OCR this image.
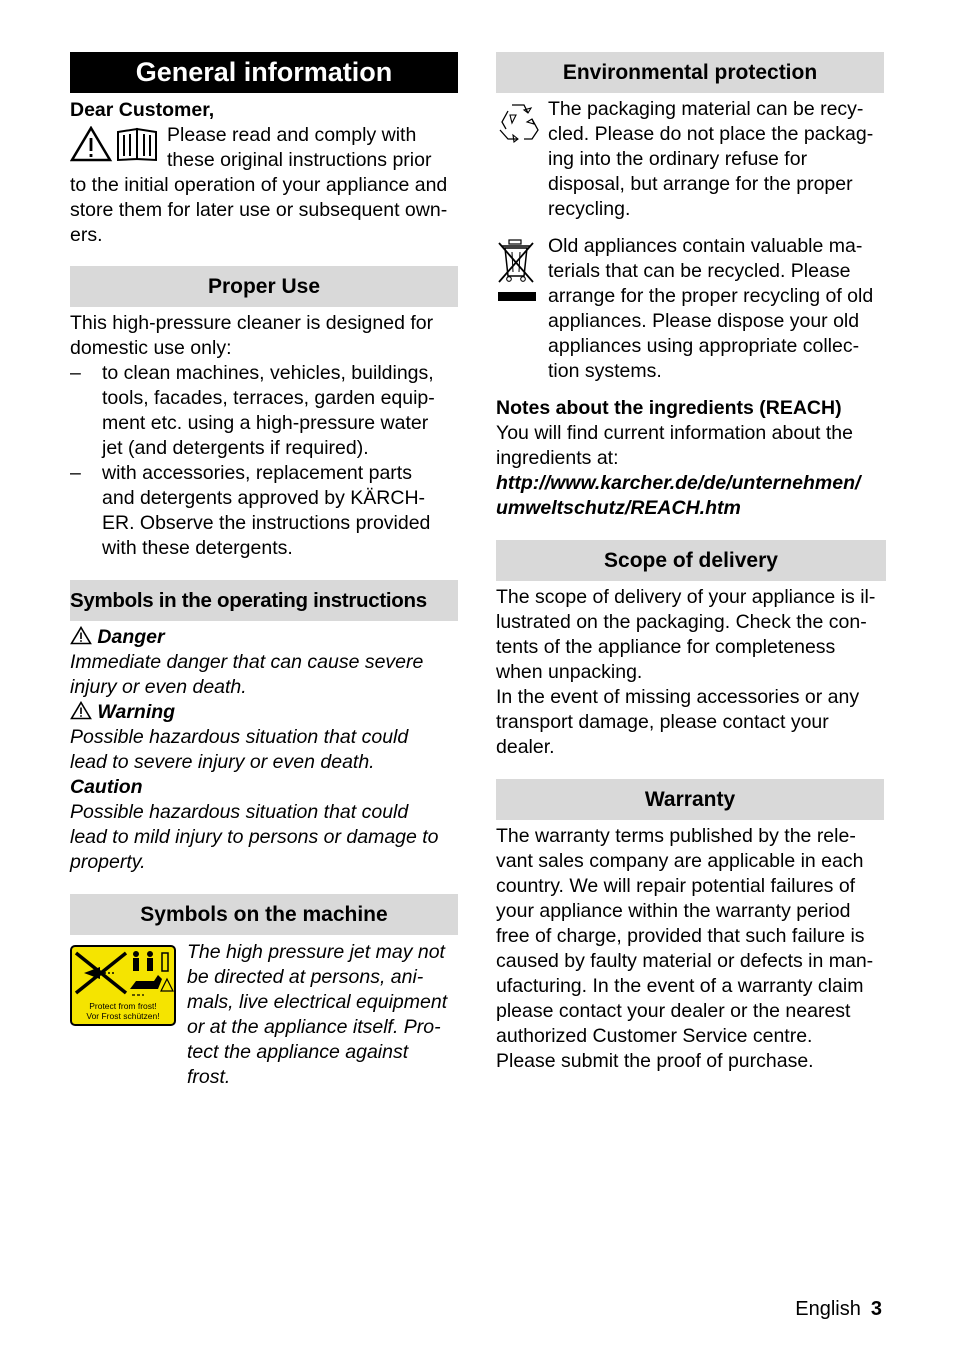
General information

Dear Customer,

Please read and comply with

these original instructions prior

to the initial operation of your appliance and

store them for later use or subsequent own-

ers.

Proper Use

This high-pressure cleaner is designed for

domestic use only:

– to clean machines, vehicles, buildings,
tools, facades, terraces, garden equip-
ment etc. using a high-pressure water
jet (and detergents if required).
– with accessories, replacement parts
and detergents approved by KÄRCH-
ER. Observe the instructions provided
with these detergents.
Symbols in the operating instructions

Danger

Immediate danger that can cause severe

injury or even death.

Warning

Possible hazardous situation that could

lead to severe injury or even death.

Caution

Possible hazardous situation that could

lead to mild injury to persons or damage to

property.

Symbols on the machine
Protect from frost!
Vor Frost schützen!

The high pressure jet may not

be directed at persons, ani-

mals, live electrical equipment

or at the appliance itself. Pro-

tect the appliance against

frost.

Environmental protection

The packaging material can be recy-

cled. Please do not place the packag-

ing into the ordinary refuse for

disposal, but arrange for the proper

recycling.

Old appliances contain valuable ma-

terials that can be recycled. Please

arrange for the proper recycling of old

appliances. Please dispose your old

appliances using appropriate collec-

tion systems.

Notes about the ingredients (REACH)

You will find current information about the

ingredients at:

http://www.karcher.de/de/unternehmen/

umweltschutz/REACH.htm

Scope of delivery

The scope of delivery of your appliance is il-

lustrated on the packaging. Check the con-

tents of the appliance for completeness

when unpacking.

In the event of missing accessories or any

transport damage, please contact your

dealer.

Warranty

The warranty terms published by the rele-

vant sales company are applicable in each

country. We will repair potential failures of

your appliance within the warranty period

free of charge, provided that such failure is

caused by faulty material or defects in man-

ufacturing. In the event of a warranty claim

please contact your dealer or the nearest

authorized Customer Service centre.

Please submit the proof of purchase.

English 3
